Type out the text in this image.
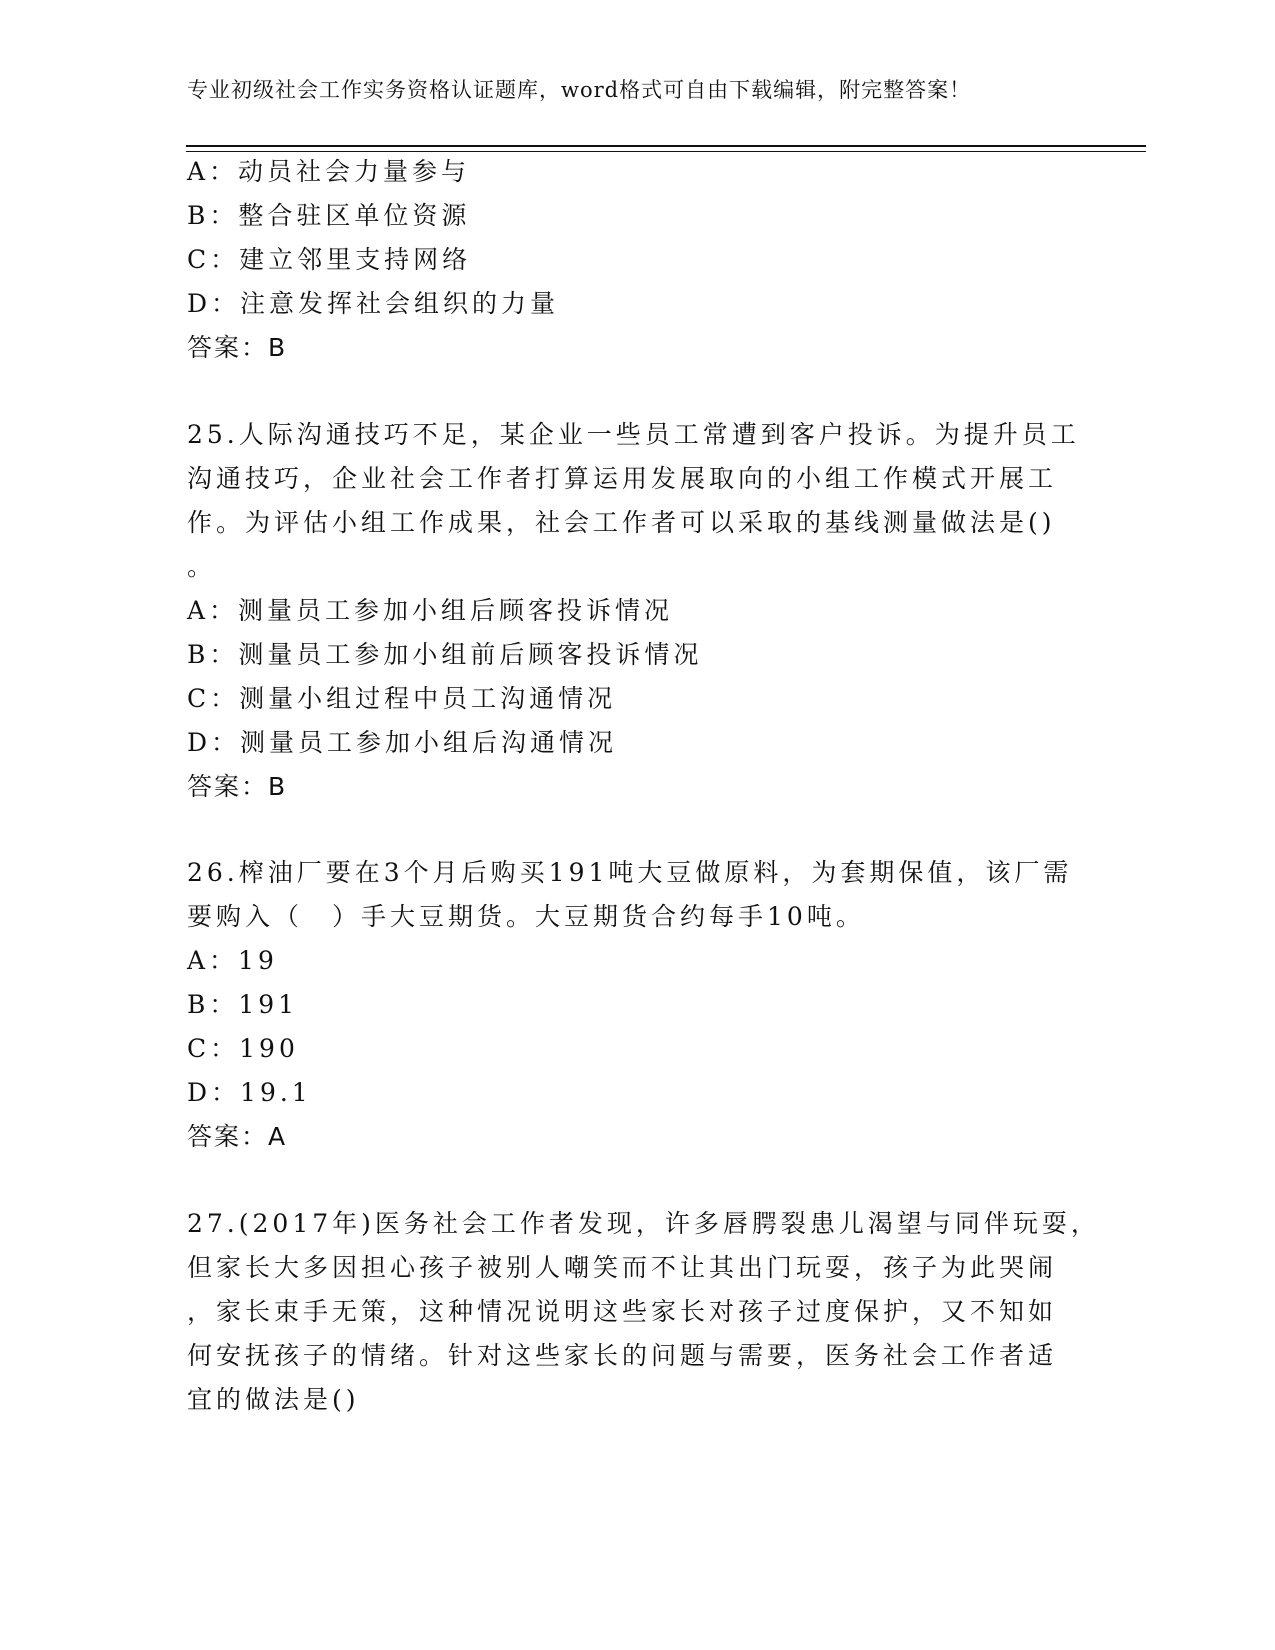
专业初级社会工作实务资格认证题库，word格式可自由下载编辑，附完整答案！
A：动员社会力量参与
B：整合驻区单位资源
C：建立邻里支持网络
D：注意发挥社会组织的力量
答案：B
25.人际沟通技巧不足，某企业一些员工常遭到客户投诉。为提升员工
沟通技巧，企业社会工作者打算运用发展取向的小组工作模式开展工
作。为评估小组工作成果，社会工作者可以采取的基线测量做法是()
。
A：测量员工参加小组后顾客投诉情况
B：测量员工参加小组前后顾客投诉情况
C：测量小组过程中员工沟通情况
D：测量员工参加小组后沟通情况
答案：B
26.榨油厂要在3个月后购买191吨大豆做原料，为套期保值，该厂需
要购入（　）手大豆期货。大豆期货合约每手10吨。
A：19
B：191
C：190
D：19.1
答案：A
27.(2017年)医务社会工作者发现，许多唇腭裂患儿渴望与同伴玩耍，
但家长大多因担心孩子被别人嘲笑而不让其出门玩耍，孩子为此哭闹
，家长束手无策，这种情况说明这些家长对孩子过度保护，又不知如
何安抚孩子的情绪。针对这些家长的问题与需要，医务社会工作者适
宜的做法是()
